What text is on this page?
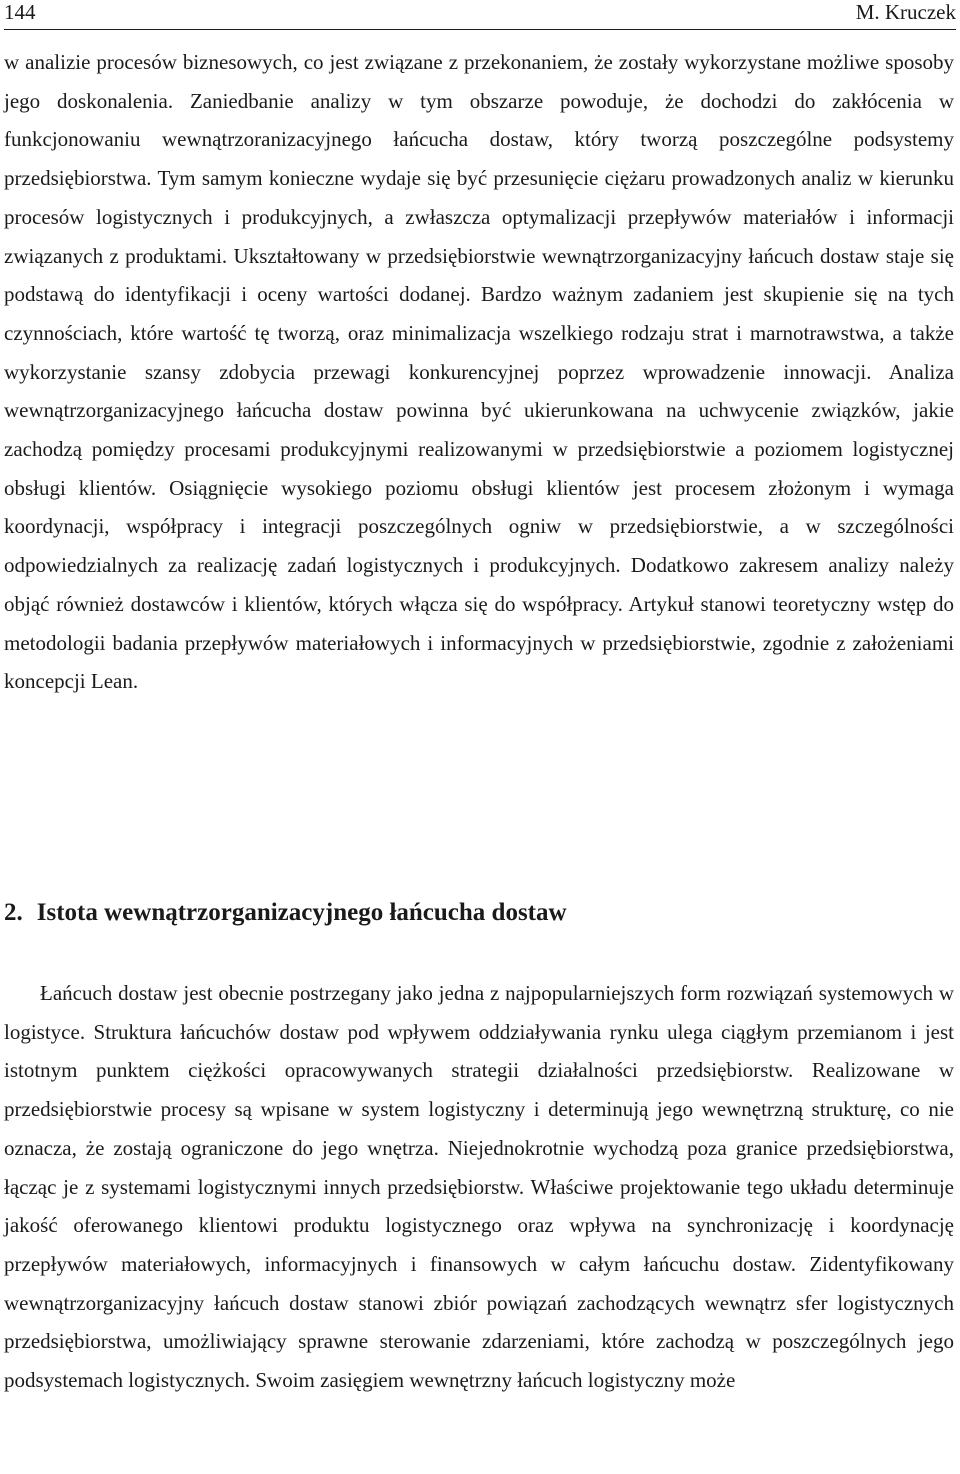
144	M. Kruczek

w analizie procesów biznesowych, co jest związane z przekonaniem, że zostały wykorzystane możliwe sposoby jego doskonalenia. Zaniedbanie analizy w tym obszarze powoduje, że dochodzi do zakłócenia w funkcjonowaniu wewnątrzoranizacyjnego łańcucha dostaw, który tworzą poszczególne podsystemy przedsiębiorstwa. Tym samym konieczne wydaje się być przesunięcie ciężaru prowadzonych analiz w kierunku procesów logistycznych i produkcyjnych, a zwłaszcza optymalizacji przepływów materiałów i informacji związanych z produktami. Ukształtowany w przedsiębiorstwie wewnątrzorganizacyjny łańcuch dostaw staje się podstawą do identyfikacji i oceny wartości dodanej. Bardzo ważnym zadaniem jest skupienie się na tych czynnościach, które wartość tę tworzą, oraz minimalizacja wszelkiego rodzaju strat i marnotrawstwa, a także wykorzystanie szansy zdobycia przewagi konkurencyjnej poprzez wprowadzenie innowacji. Analiza wewnątrzorganizacyjnego łańcucha dostaw powinna być ukierunkowana na uchwycenie związków, jakie zachodzą pomiędzy procesami produkcyjnymi realizowanymi w przedsiębiorstwie a poziomem logistycznej obsługi klientów. Osiągnięcie wysokiego poziomu obsługi klientów jest procesem złożonym i wymaga koordynacji, współpracy i integracji poszczególnych ogniw w przedsiębiorstwie, a w szczególności odpowiedzialnych za realizację zadań logistycznych i produkcyjnych. Dodatkowo zakresem analizy należy objąć również dostawców i klientów, których włącza się do współpracy. Artykuł stanowi teoretyczny wstęp do metodologii badania przepływów materiałowych i informacyjnych w przedsiębiorstwie, zgodnie z założeniami koncepcji Lean.

2. Istota wewnątrzorganizacyjnego łańcucha dostaw

Łańcuch dostaw jest obecnie postrzegany jako jedna z najpopularniejszych form rozwiązań systemowych w logistyce. Struktura łańcuchów dostaw pod wpływem oddziaływania rynku ulega ciągłym przemianom i jest istotnym punktem ciężkości opracowywanych strategii działalności przedsiębiorstw. Realizowane w przedsiębiorstwie procesy są wpisane w system logistyczny i determinują jego wewnętrzną strukturę, co nie oznacza, że zostają ograniczone do jego wnętrza. Niejednokrotnie wychodzą poza granice przedsiębiorstwa, łącząc je z systemami logistycznymi innych przedsiębiorstw. Właściwe projektowanie tego układu determinuje jakość oferowanego klientowi produktu logistycznego oraz wpływa na synchronizację i koordynację przepływów materiałowych, informacyjnych i finansowych w całym łańcuchu dostaw. Zidentyfikowany wewnątrzorganizacyjny łańcuch dostaw stanowi zbiór powiązań zachodzących wewnątrz sfer logistycznych przedsiębiorstwa, umożliwiający sprawne sterowanie zdarzeniami, które zachodzą w poszczególnych jego podsystemach logistycznych. Swoim zasięgiem wewnętrzny łańcuch logistyczny może
